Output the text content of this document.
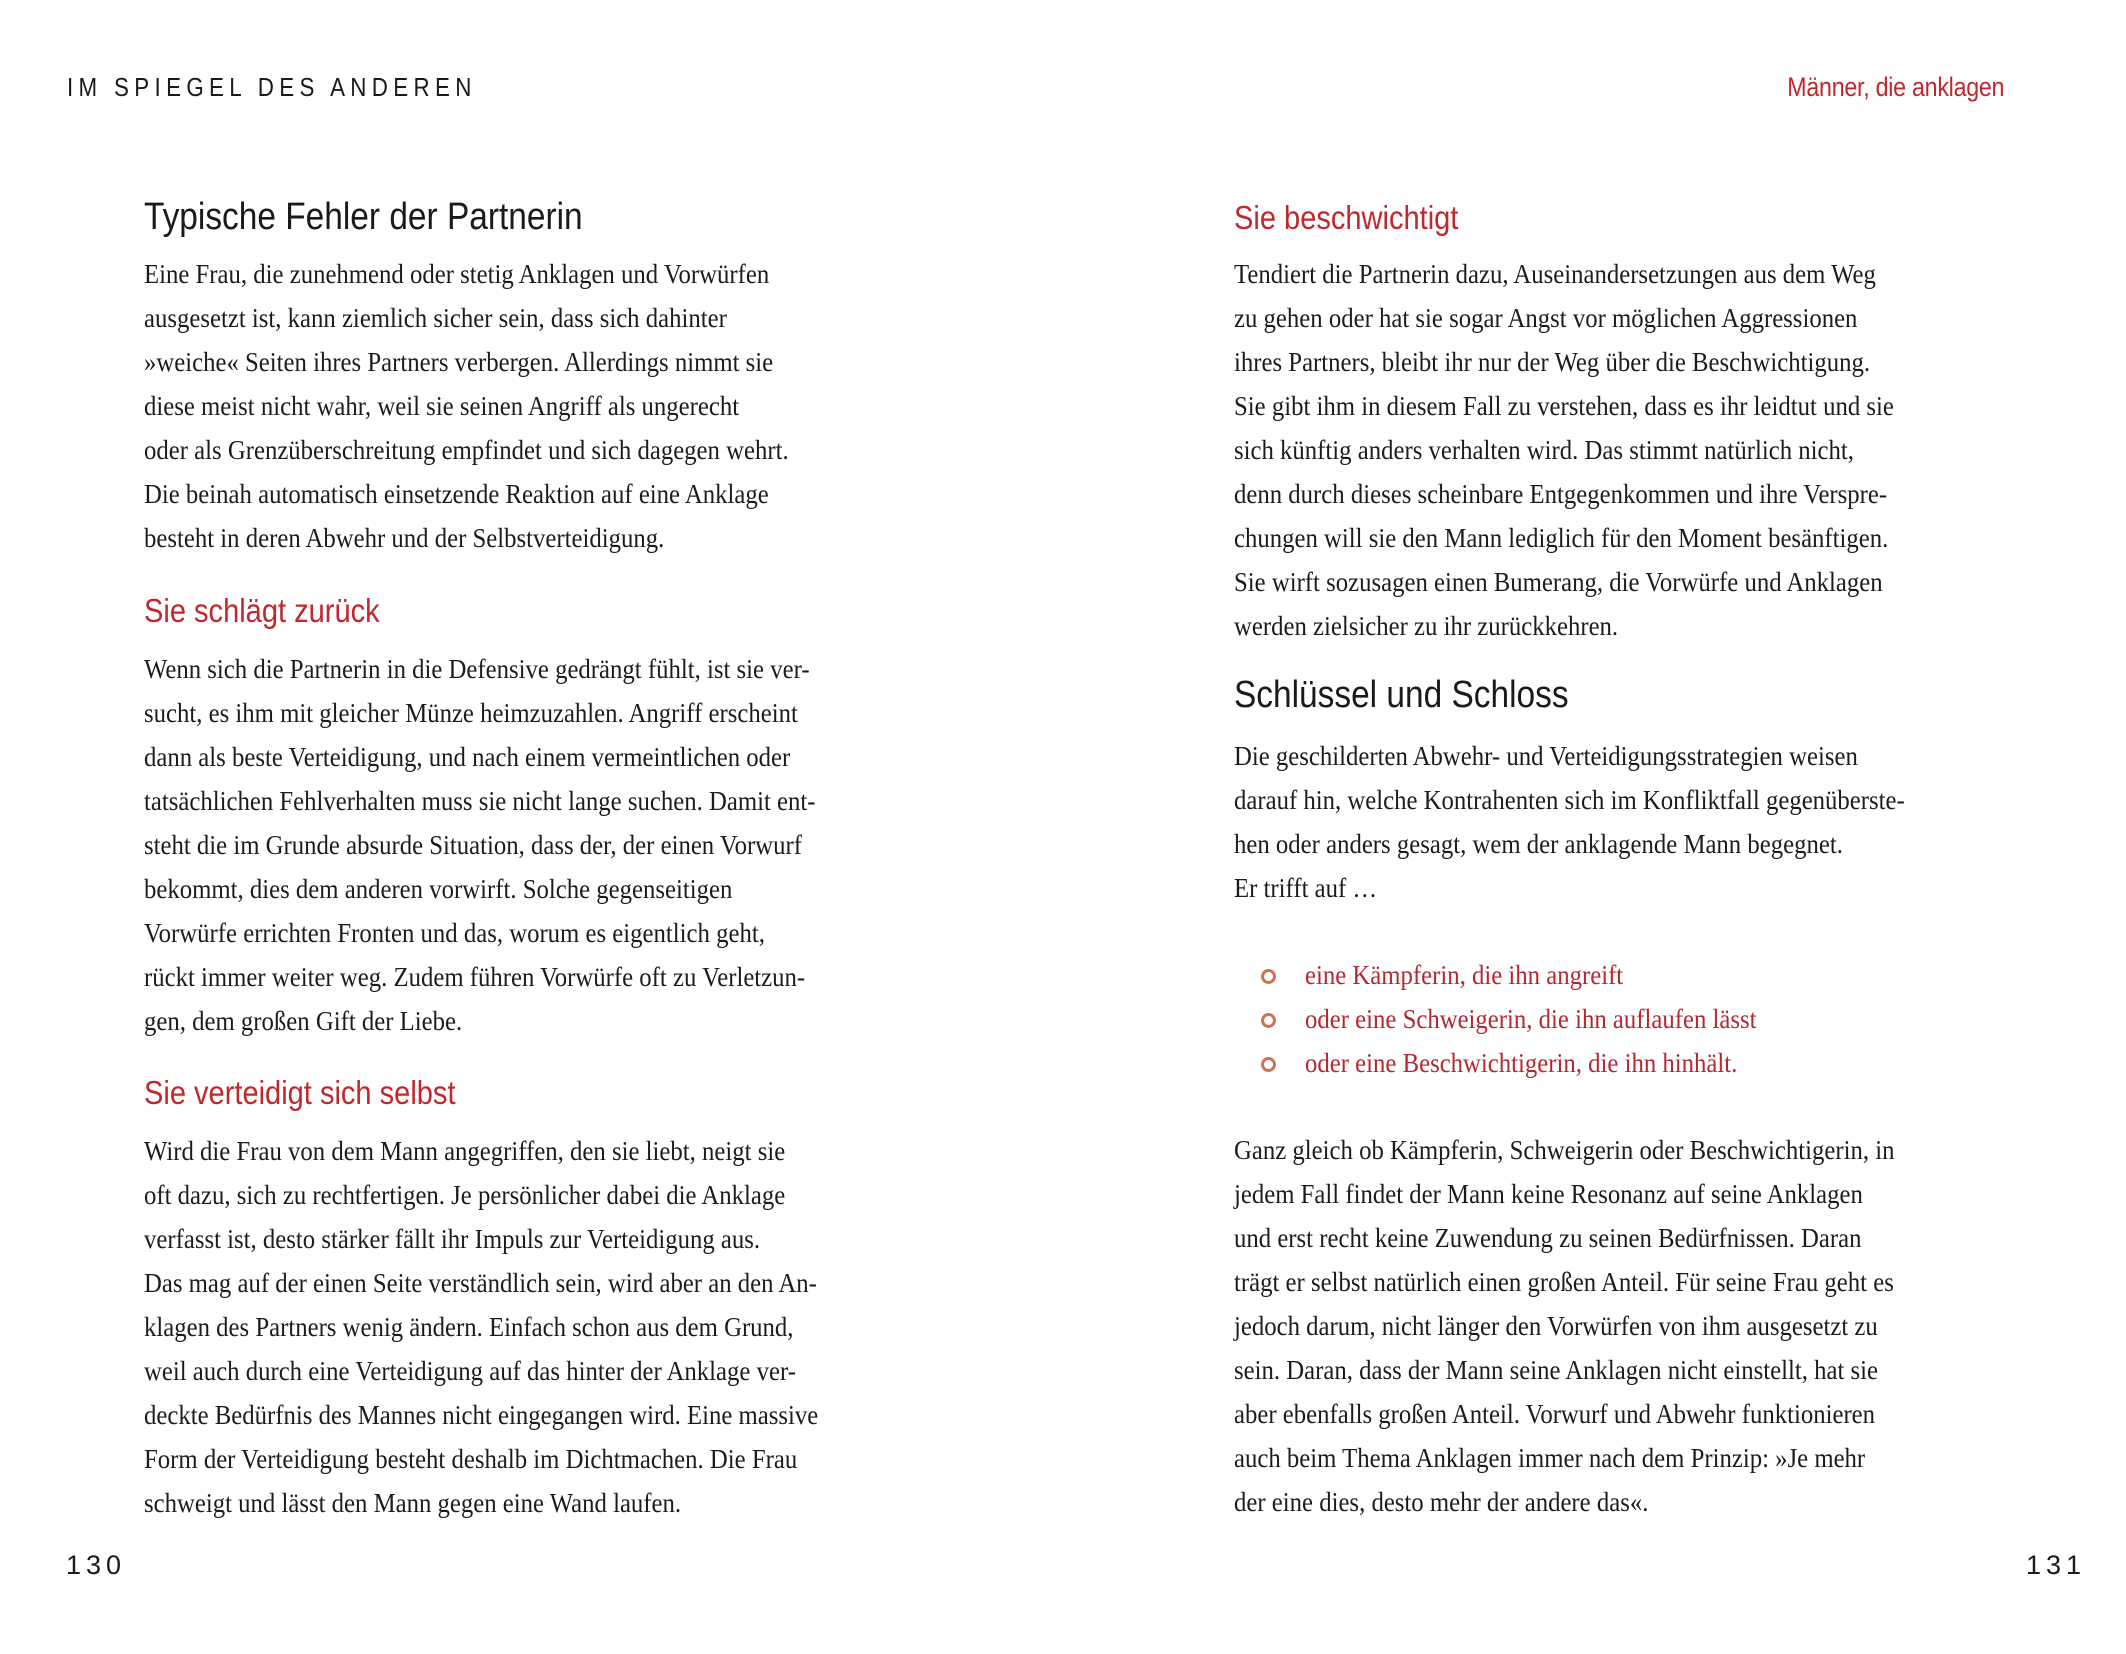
IM SPIEGEL DES ANDEREN
Typische Fehler der Partnerin
Eine Frau, die zunehmend oder stetig Anklagen und Vorwürfen
ausgesetzt ist, kann ziemlich sicher sein, dass sich dahinter
»weiche« Seiten ihres Partners verbergen. Allerdings nimmt sie
diese meist nicht wahr, weil sie seinen Angriff als ungerecht
oder als Grenzüberschreitung empfindet und sich dagegen wehrt.
Die beinah automatisch einsetzende Reaktion auf eine Anklage
besteht in deren Abwehr und der Selbstverteidigung.
Sie schlägt zurück
Wenn sich die Partnerin in die Defensive gedrängt fühlt, ist sie ver-
sucht, es ihm mit gleicher Münze heimzuzahlen. Angriff erscheint
dann als beste Verteidigung, und nach einem vermeintlichen oder
tatsächlichen Fehlverhalten muss sie nicht lange suchen. Damit ent-
steht die im Grunde absurde Situation, dass der, der einen Vorwurf
bekommt, dies dem anderen vorwirft. Solche gegenseitigen
Vorwürfe errichten Fronten und das, worum es eigentlich geht,
rückt immer weiter weg. Zudem führen Vorwürfe oft zu Verletzun-
gen, dem großen Gift der Liebe.
Sie verteidigt sich selbst
Wird die Frau von dem Mann angegriffen, den sie liebt, neigt sie
oft dazu, sich zu rechtfertigen. Je persönlicher dabei die Anklage
verfasst ist, desto stärker fällt ihr Impuls zur Verteidigung aus.
Das mag auf der einen Seite verständlich sein, wird aber an den An-
klagen des Partners wenig ändern. Einfach schon aus dem Grund,
weil auch durch eine Verteidigung auf das hinter der Anklage ver-
deckte Bedürfnis des Mannes nicht eingegangen wird. Eine massive
Form der Verteidigung besteht deshalb im Dichtmachen. Die Frau
schweigt und lässt den Mann gegen eine Wand laufen.
130
Männer, die anklagen
Sie beschwichtigt
Tendiert die Partnerin dazu, Auseinandersetzungen aus dem Weg
zu gehen oder hat sie sogar Angst vor möglichen Aggressionen
ihres Partners, bleibt ihr nur der Weg über die Beschwichtigung.
Sie gibt ihm in diesem Fall zu verstehen, dass es ihr leidtut und sie
sich künftig anders verhalten wird. Das stimmt natürlich nicht,
denn durch dieses scheinbare Entgegenkommen und ihre Verspre-
chungen will sie den Mann lediglich für den Moment besänftigen.
Sie wirft sozusagen einen Bumerang, die Vorwürfe und Anklagen
werden zielsicher zu ihr zurückkehren.
Schlüssel und Schloss
Die geschilderten Abwehr- und Verteidigungsstrategien weisen
darauf hin, welche Kontrahenten sich im Konfliktfall gegenüberste-
hen oder anders gesagt, wem der anklagende Mann begegnet.
Er trifft auf …
eine Kämpferin, die ihn angreift
oder eine Schweigerin, die ihn auflaufen lässt
oder eine Beschwichtigerin, die ihn hinhält.
Ganz gleich ob Kämpferin, Schweigerin oder Beschwichtigerin, in
jedem Fall findet der Mann keine Resonanz auf seine Anklagen
und erst recht keine Zuwendung zu seinen Bedürfnissen. Daran
trägt er selbst natürlich einen großen Anteil. Für seine Frau geht es
jedoch darum, nicht länger den Vorwürfen von ihm ausgesetzt zu
sein. Daran, dass der Mann seine Anklagen nicht einstellt, hat sie
aber ebenfalls großen Anteil. Vorwurf und Abwehr funktionieren
auch beim Thema Anklagen immer nach dem Prinzip: »Je mehr
der eine dies, desto mehr der andere das«.
131
